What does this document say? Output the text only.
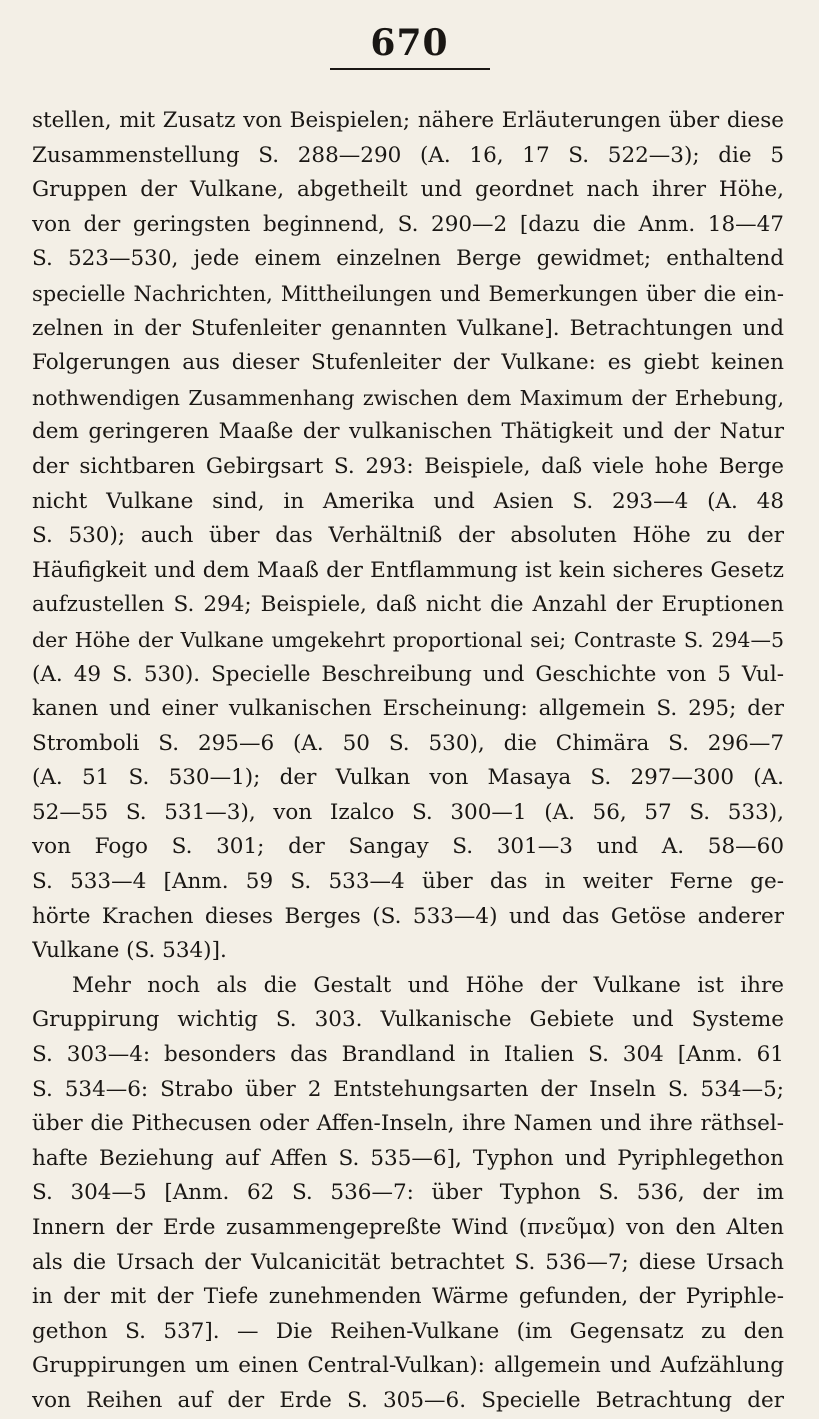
670
stellen, mit Zusatz von Beispielen; nähere Erläuterungen über diese
Zusammenstellung S. 288—290 (A. 16, 17 S. 522—3); die 5
Gruppen der Vulkane, abgetheilt und geordnet nach ihrer Höhe,
von der geringsten beginnend, S. 290—2 [dazu die Anm. 18—47
S. 523—530, jede einem einzelnen Berge gewidmet; enthaltend
specielle Nachrichten, Mittheilungen und Bemerkungen über die ein-
zelnen in der Stufenleiter genannten Vulkane]. Betrachtungen und
Folgerungen aus dieser Stufenleiter der Vulkane: es giebt keinen
nothwendigen Zusammenhang zwischen dem Maximum der Erhebung,
dem geringeren Maaße der vulkanischen Thätigkeit und der Natur
der sichtbaren Gebirgsart S. 293: Beispiele, daß viele hohe Berge
nicht Vulkane sind, in Amerika und Asien S. 293—4 (A. 48
S. 530); auch über das Verhältniß der absoluten Höhe zu der
Häufigkeit und dem Maaß der Entflammung ist kein sicheres Gesetz
aufzustellen S. 294; Beispiele, daß nicht die Anzahl der Eruptionen
der Höhe der Vulkane umgekehrt proportional sei; Contraste S. 294—5
(A. 49 S. 530). Specielle Beschreibung und Geschichte von 5 Vul-
kanen und einer vulkanischen Erscheinung: allgemein S. 295; der
Stromboli S. 295—6 (A. 50 S. 530), die Chimära S. 296—7
(A. 51 S. 530—1); der Vulkan von Masaya S. 297—300 (A.
52—55 S. 531—3), von Izalco S. 300—1 (A. 56, 57 S. 533),
von Fogo S. 301; der Sangay S. 301—3 und A. 58—60
S. 533—4 [Anm. 59 S. 533—4 über das in weiter Ferne ge-
hörte Krachen dieses Berges (S. 533—4) und das Getöse anderer
Vulkane (S. 534)].
Mehr noch als die Gestalt und Höhe der Vulkane ist ihre
Gruppirung wichtig S. 303. Vulkanische Gebiete und Systeme
S. 303—4: besonders das Brandland in Italien S. 304 [Anm. 61
S. 534—6: Strabo über 2 Entstehungsarten der Inseln S. 534—5;
über die Pithecusen oder Affen-Inseln, ihre Namen und ihre räthsel-
hafte Beziehung auf Affen S. 535—6], Typhon und Pyriphlegethon
S. 304—5 [Anm. 62 S. 536—7: über Typhon S. 536, der im
Innern der Erde zusammengepreßte Wind (πνεῦμα) von den Alten
als die Ursach der Vulcanicität betrachtet S. 536—7; diese Ursach
in der mit der Tiefe zunehmenden Wärme gefunden, der Pyriphle-
gethon S. 537]. — Die Reihen-Vulkane (im Gegensatz zu den
Gruppirungen um einen Central-Vulkan): allgemein und Aufzählung
von Reihen auf der Erde S. 305—6. Specielle Betrachtung der
